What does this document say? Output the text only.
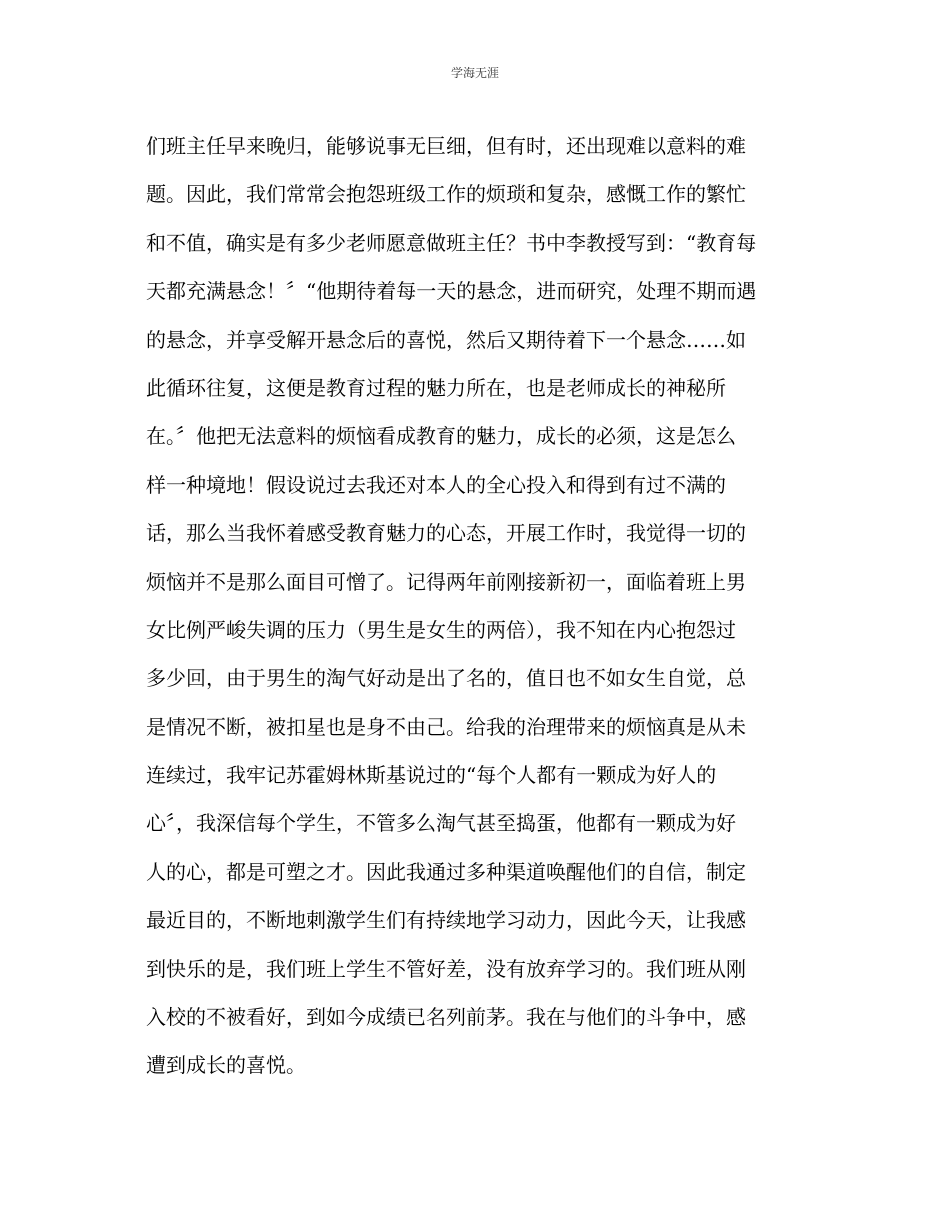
学海无涯
们班主任早来晚归，能够说事无巨细，但有时，还出现难以意料的难
题。因此，我们常常会抱怨班级工作的烦琐和复杂，感慨工作的繁忙
和不值，确实是有多少老师愿意做班主任？书中李教授写到：“教育每
天都充满悬念！〞“他期待着每一天的悬念，进而研究，处理不期而遇
的悬念，并享受解开悬念后的喜悦，然后又期待着下一个悬念……如
此循环往复，这便是教育过程的魅力所在，也是老师成长的神秘所
在。〞他把无法意料的烦恼看成教育的魅力，成长的必须，这是怎么
样一种境地！假设说过去我还对本人的全心投入和得到有过不满的
话，那么当我怀着感受教育魅力的心态，开展工作时，我觉得一切的
烦恼并不是那么面目可憎了。记得两年前刚接新初一，面临着班上男
女比例严峻失调的压力（男生是女生的两倍），我不知在内心抱怨过
多少回，由于男生的淘气好动是出了名的，值日也不如女生自觉，总
是情况不断，被扣星也是身不由己。给我的治理带来的烦恼真是从未
连续过，我牢记苏霍姆林斯基说过的“每个人都有一颗成为好人的
心〞，我深信每个学生，不管多么淘气甚至捣蛋，他都有一颗成为好
人的心，都是可塑之才。因此我通过多种渠道唤醒他们的自信，制定
最近目的，不断地刺激学生们有持续地学习动力，因此今天，让我感
到快乐的是，我们班上学生不管好差，没有放弃学习的。我们班从刚
入校的不被看好，到如今成绩已名列前茅。我在与他们的斗争中，感
遭到成长的喜悦。
